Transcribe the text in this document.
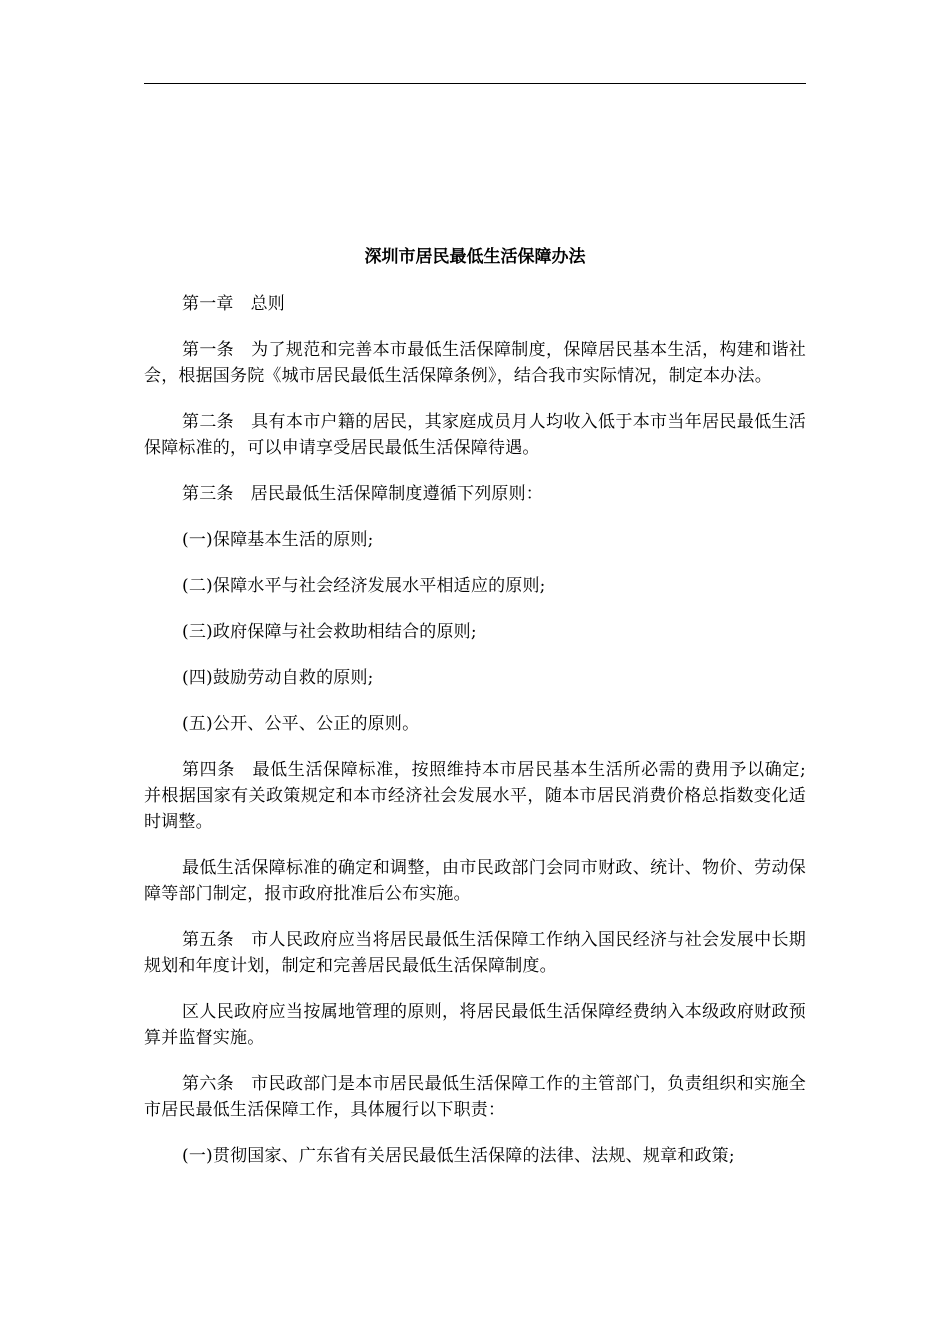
深圳市居民最低生活保障办法

第一章 总则

第一条 为了规范和完善本市最低生活保障制度，保障居民基本生活，构建和谐社会，根据国务院《城市居民最低生活保障条例》，结合我市实际情况，制定本办法。

第二条 具有本市户籍的居民，其家庭成员月人均收入低于本市当年居民最低生活保障标准的，可以申请享受居民最低生活保障待遇。

第三条 居民最低生活保障制度遵循下列原则：

(一)保障基本生活的原则;

(二)保障水平与社会经济发展水平相适应的原则;

(三)政府保障与社会救助相结合的原则;

(四)鼓励劳动自救的原则;

(五)公开、公平、公正的原则。

第四条 最低生活保障标准，按照维持本市居民基本生活所必需的费用予以确定;并根据国家有关政策规定和本市经济社会发展水平，随本市居民消费价格总指数变化适时调整。

最低生活保障标准的确定和调整，由市民政部门会同市财政、统计、物价、劳动保障等部门制定，报市政府批准后公布实施。

第五条 市人民政府应当将居民最低生活保障工作纳入国民经济与社会发展中长期规划和年度计划，制定和完善居民最低生活保障制度。

区人民政府应当按属地管理的原则，将居民最低生活保障经费纳入本级政府财政预算并监督实施。

第六条 市民政部门是本市居民最低生活保障工作的主管部门，负责组织和实施全市居民最低生活保障工作，具体履行以下职责：

(一)贯彻国家、广东省有关居民最低生活保障的法律、法规、规章和政策;
